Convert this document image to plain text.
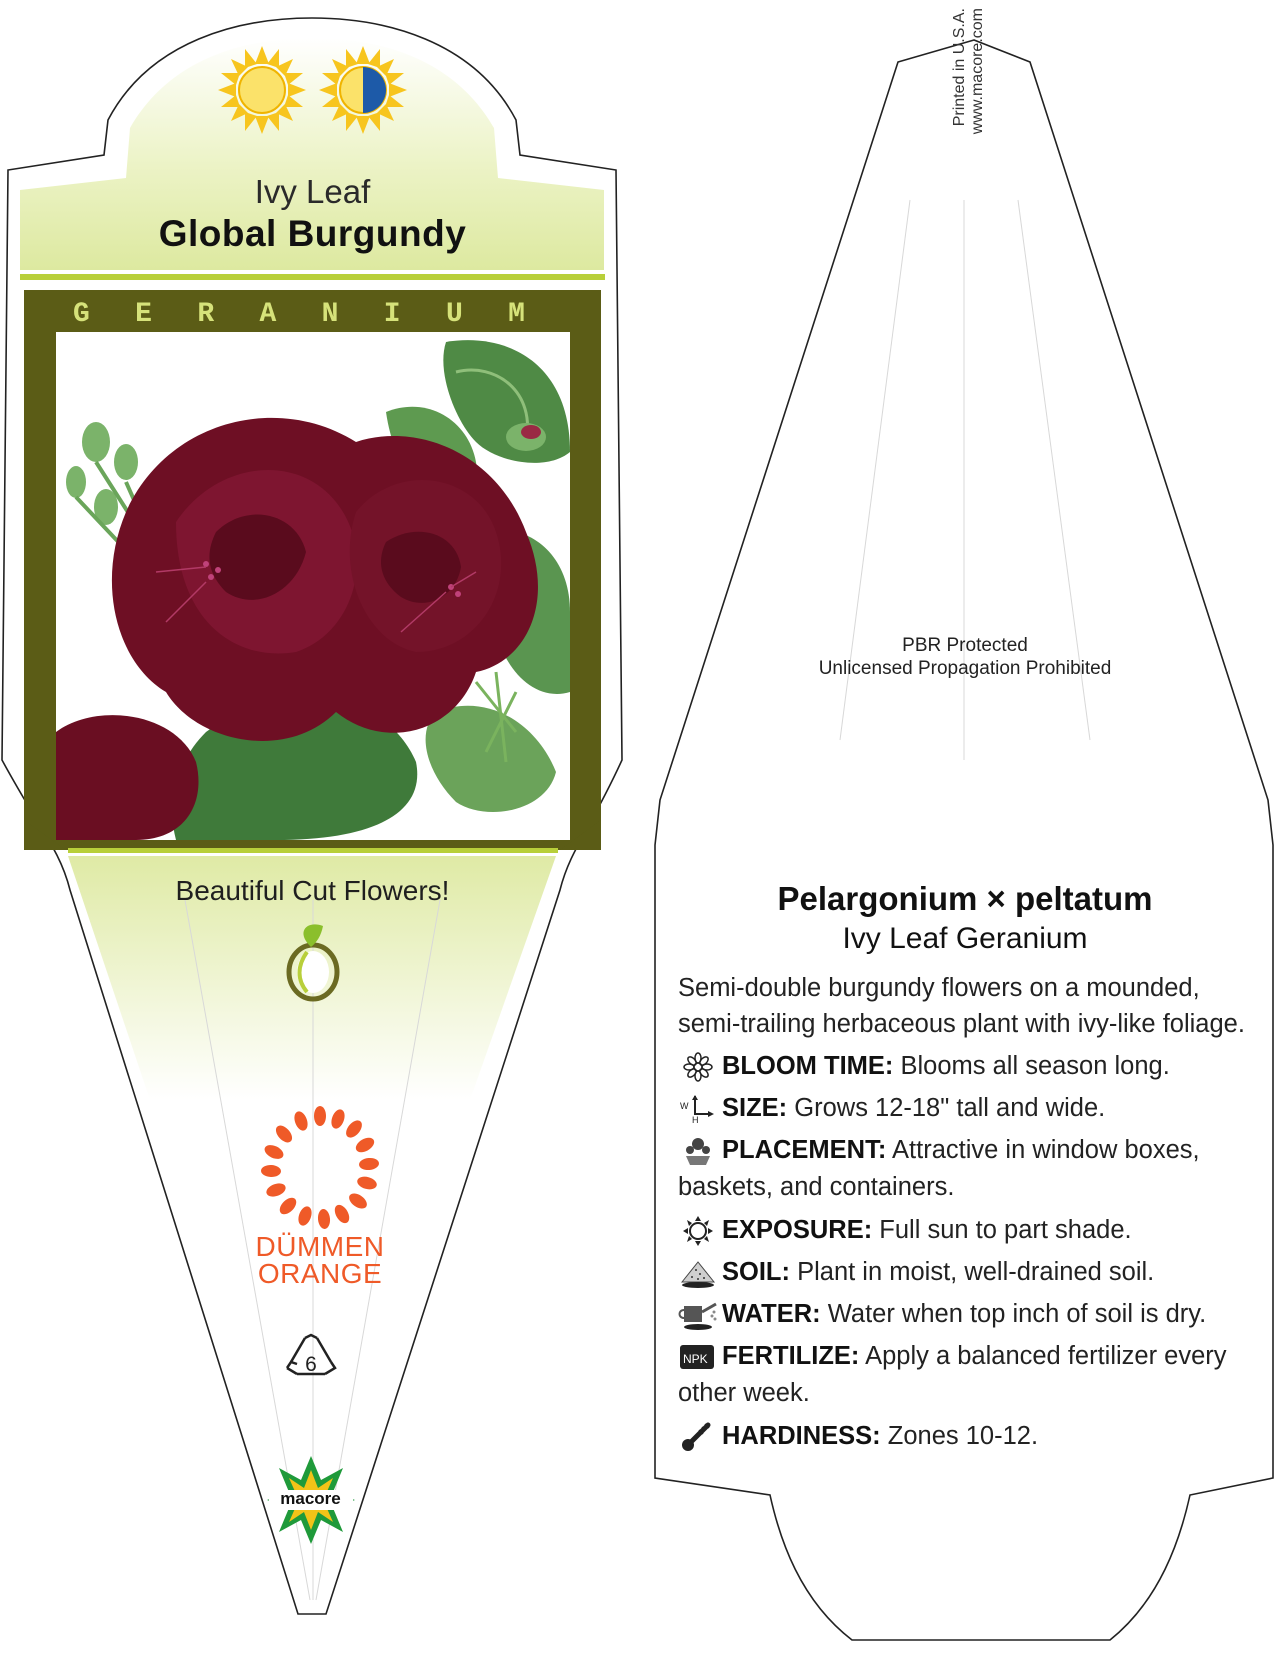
Ivy Leaf
Global Burgundy
G E R A N I U M
Beautiful Cut Flowers!
DÜMMEN
ORANGE
6
macore
Printed in U.S.A. www.macore.com
PBR Protected
Unlicensed Propagation Prohibited
Pelargonium × peltatum
Ivy Leaf Geranium
Semi-double burgundy flowers on a mounded, semi-trailing herbaceous plant with ivy-like foliage.
BLOOM TIME: Blooms all season long.
W
H SIZE: Grows 12-18" tall and wide.
PLACEMENT: Attractive in window boxes, baskets, and containers.
EXPOSURE: Full sun to part shade.
SOIL: Plant in moist, well-drained soil.
WATER: Water when top inch of soil is dry.
NPK FERTILIZE: Apply a balanced fertilizer every other week.
HARDINESS: Zones 10-12.
